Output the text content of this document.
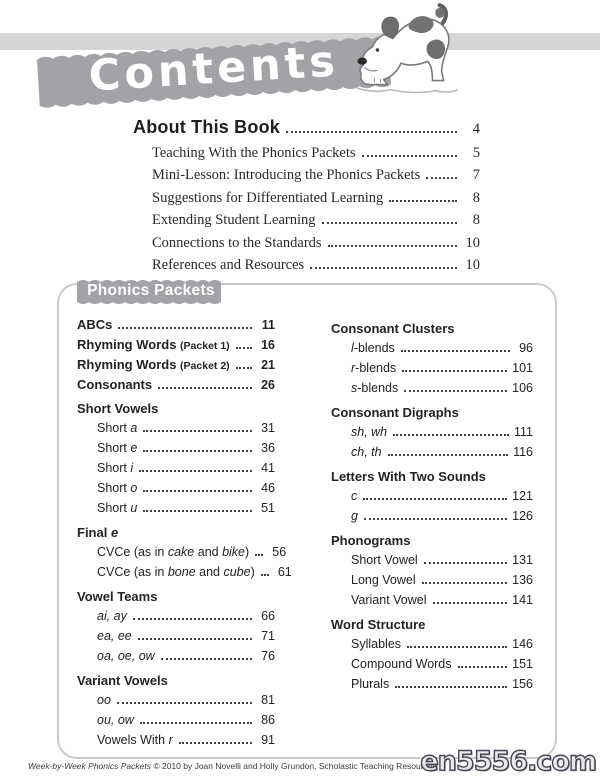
Contents
About This Book	4
Teaching With the Phonics Packets	5
Mini-Lesson: Introducing the Phonics Packets	7
Suggestions for Differentiated Learning	8
Extending Student Learning	8
Connections to the Standards	10
References and Resources	10
Phonics Packets
ABCs	11
Rhyming Words (Packet 1)	16
Rhyming Words (Packet 2)	21
Consonants	26
Short Vowels
Short a	31
Short e	36
Short i	41
Short o	46
Short u	51
Final e
CVCe (as in cake and bike)	56
CVCe (as in bone and cube)	61
Vowel Teams
ai, ay	66
ea, ee	71
oa, oe, ow	76
Variant Vowels
oo	81
ou, ow	86
Vowels With r	91
Consonant Clusters
l-blends	96
r-blends	101
s-blends	106
Consonant Digraphs
sh, wh	111
ch, th	116
Letters With Two Sounds
c	121
g	126
Phonograms
Short Vowel	131
Long Vowel	136
Variant Vowel	141
Word Structure
Syllables	146
Compound Words	151
Plurals	156
Week-by-Week Phonics Packets © 2010 by Joan Novelli and Holly Grundon, Scholastic Teaching Resources
en5556.com
